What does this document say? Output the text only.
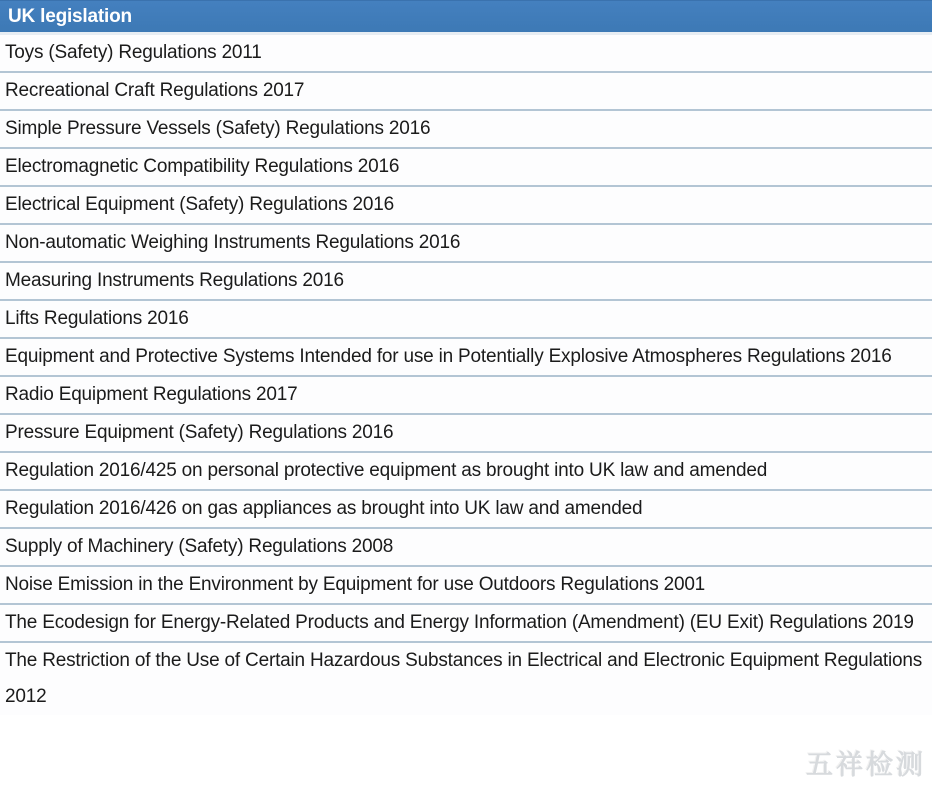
UK legislation
Toys (Safety) Regulations 2011
Recreational Craft Regulations 2017
Simple Pressure Vessels (Safety) Regulations 2016
Electromagnetic Compatibility Regulations 2016
Electrical Equipment (Safety) Regulations 2016
Non-automatic Weighing Instruments Regulations 2016
Measuring Instruments Regulations 2016
Lifts Regulations 2016
Equipment and Protective Systems Intended for use in Potentially Explosive Atmospheres Regulations 2016
Radio Equipment Regulations 2017
Pressure Equipment (Safety) Regulations 2016
Regulation 2016/425 on personal protective equipment as brought into UK law and amended
Regulation 2016/426 on gas appliances as brought into UK law and amended
Supply of Machinery (Safety) Regulations 2008
Noise Emission in the Environment by Equipment for use Outdoors Regulations 2001
The Ecodesign for Energy-Related Products and Energy Information (Amendment) (EU Exit) Regulations 2019
The Restriction of the Use of Certain Hazardous Substances in Electrical and Electronic Equipment Regulations 2012
五祥检测
